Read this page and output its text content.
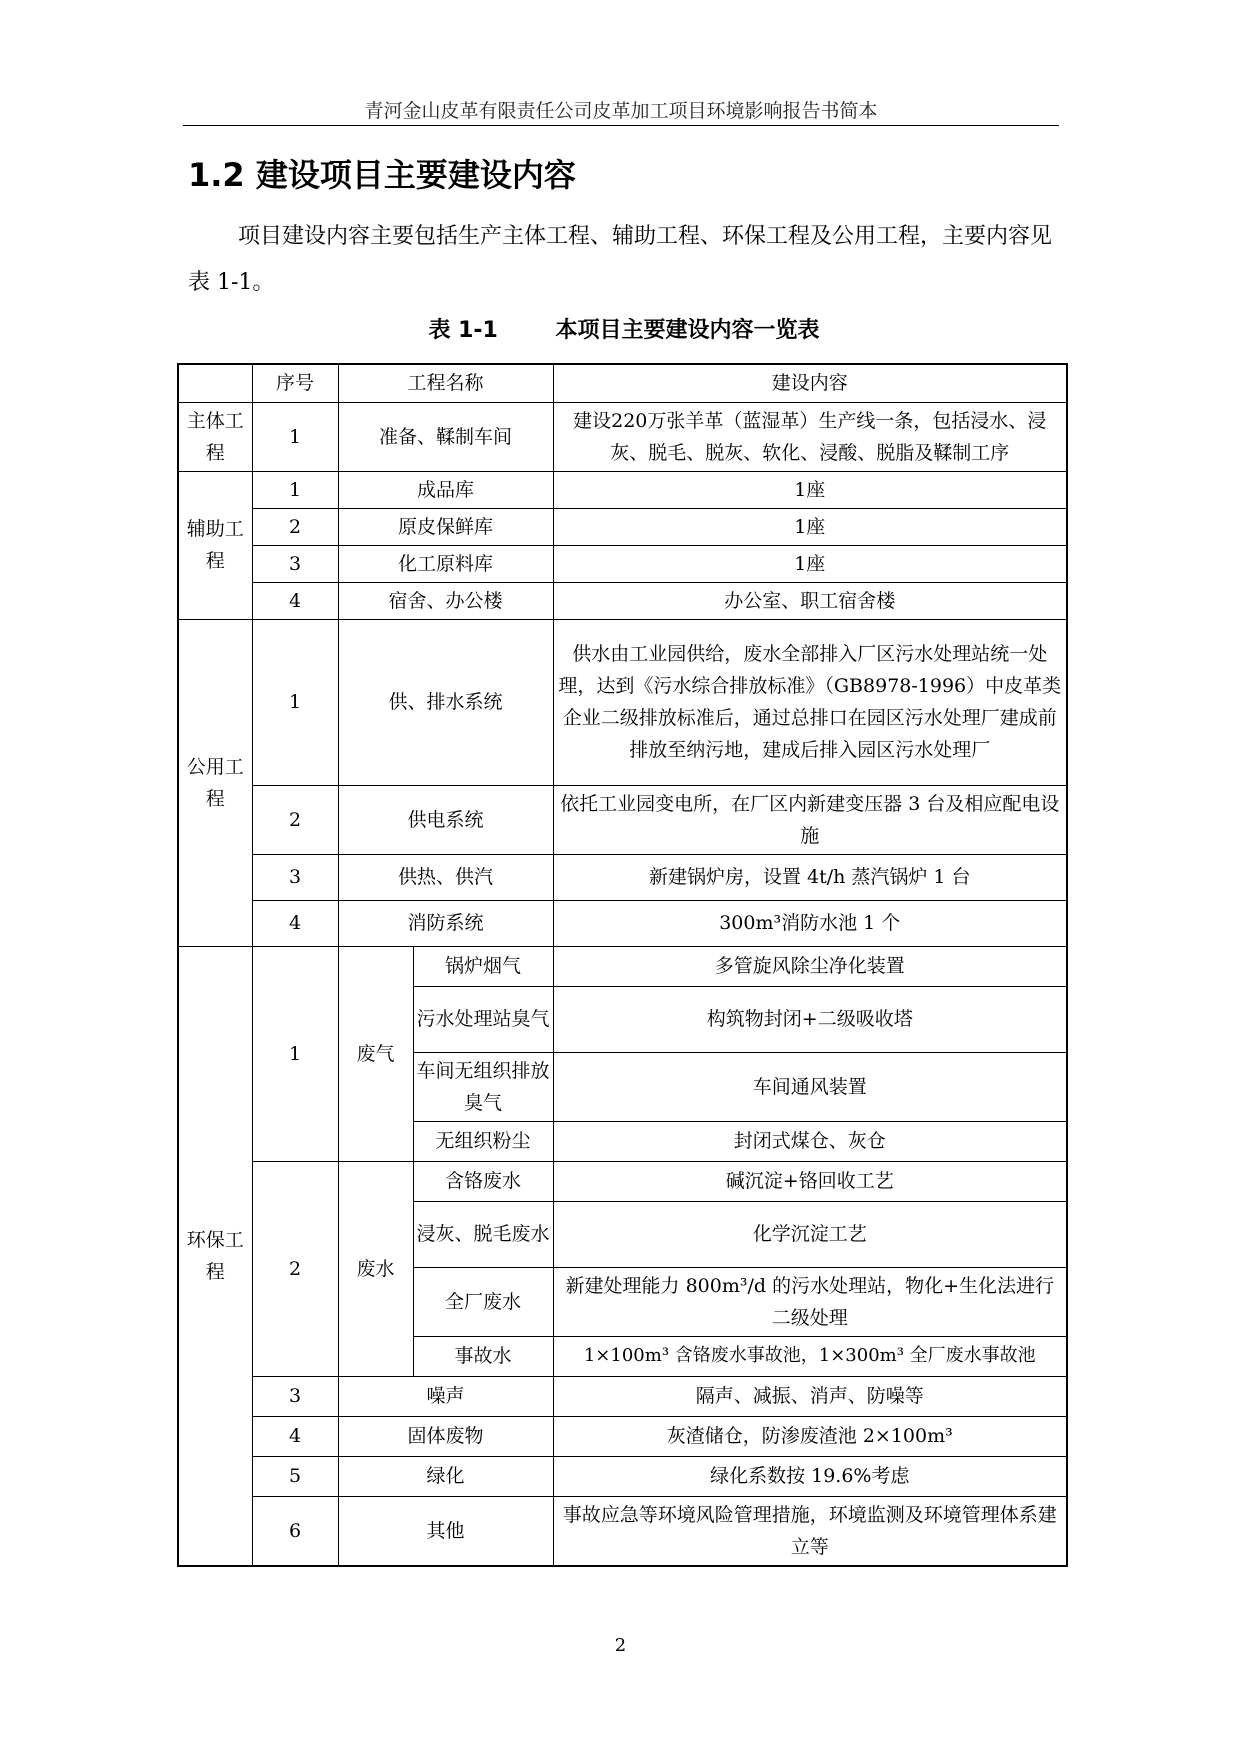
青河金山皮革有限责任公司皮革加工项目环境影响报告书简本
1.2 建设项目主要建设内容
项目建设内容主要包括生产主体工程、辅助工程、环保工程及公用工程，主要内容见表 1-1。
表 1-1	本项目主要建设内容一览表
	序号	工程名称		建设内容
主体工程	1	准备、鞣制车间		建设220万张羊革（蓝湿革）生产线一条，包括浸水、浸灰、脱毛、脱灰、软化、浸酸、脱脂及鞣制工序
辅助工程	1	成品库		1座
	2	原皮保鲜库		1座
	3	化工原料库		1座
	4	宿舍、办公楼		办公室、职工宿舍楼
公用工程	1	供、排水系统		供水由工业园供给，废水全部排入厂区污水处理站统一处理，达到《污水综合排放标准》（GB8978-1996）中皮革类企业二级排放标准后，通过总排口在园区污水处理厂建成前排放至纳污地，建成后排入园区污水处理厂
	2	供电系统		依托工业园变电所，在厂区内新建变压器 3 台及相应配电设施
	3	供热、供汽		新建锅炉房，设置 4t/h 蒸汽锅炉 1 台
	4	消防系统		300m³消防水池 1 个
环保工程	1	废气	锅炉烟气	多管旋风除尘净化装置
			污水处理站臭气	构筑物封闭+二级吸收塔
			车间无组织排放臭气	车间通风装置
			无组织粉尘	封闭式煤仓、灰仓
	2	废水	含铬废水	碱沉淀+铬回收工艺
			浸灰、脱毛废水	化学沉淀工艺
			全厂废水	新建处理能力 800m³/d 的污水处理站，物化+生化法进行二级处理
			事故水	1×100m³ 含铬废水事故池，1×300m³ 全厂废水事故池
	3	噪声		隔声、减振、消声、防噪等
	4	固体废物		灰渣储仓，防渗废渣池 2×100m³
	5	绿化		绿化系数按 19.6%考虑
	6	其他		事故应急等环境风险管理措施，环境监测及环境管理体系建立等
2
